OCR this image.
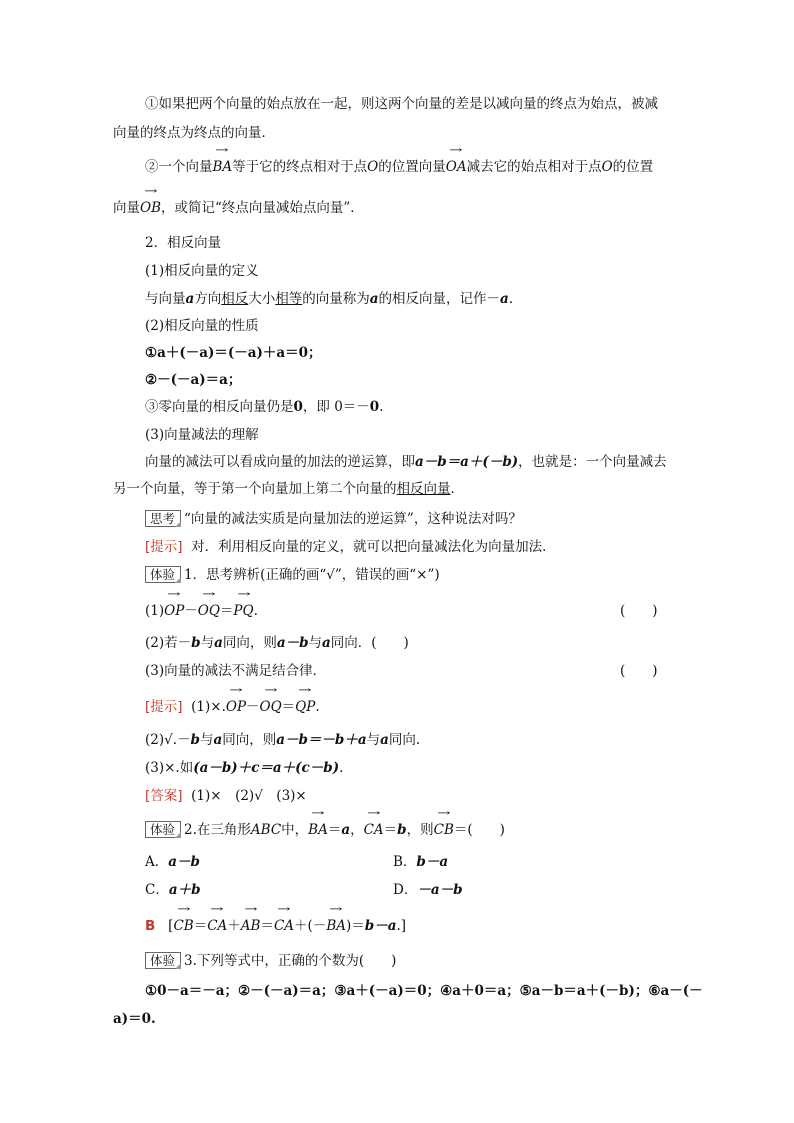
①如果把两个向量的始点放在一起，则这两个向量的差是以减向量的终点为始点，被减
向量的终点为终点的向量．
②一个向量→ BA等于它的终点相对于点O的位置向量→ OA减去它的始点相对于点O的位置
向量→ OB，或简记“终点向量减始点向量”．
2．相反向量
(1)相反向量的定义
与向量a方向相反大小相等的向量称为a的相反向量，记作－a.
(2)相反向量的性质
①a＋(－a)＝(－a)＋a＝0；
②－(－a)＝a；
③零向量的相反向量仍是0，即 0＝－0.
(3)向量减法的理解
向量的减法可以看成向量的加法的逆运算，即a－b＝a＋(－b)，也就是：一个向量减去
另一个向量，等于第一个向量加上第二个向量的相反向量．
思考 “向量的减法实质是向量加法的逆运算”，这种说法对吗？
[提示] 对．利用相反向量的定义，就可以把向量减法化为向量加法．
体验 1．思考辨析(正确的画“√”，错误的画“×”)
(1)→ OP－→ OQ＝→ PQ.	(　　)
(2)若－b与a同向，则a－b与a同向．(　　)
(3)向量的减法不满足结合律．	(　　)
[提示] (1)×.→ OP－→ OQ＝→ QP.
(2)√.－b与a同向，则a－b＝－b＋a与a同向.
(3)×.如(a－b)＋c＝a＋(c－b).
[答案] (1)×　(2)√　(3)×
体验 2.在三角形ABC中，→ BA＝a，→ CA＝b，则→ CB＝(　　)
A．a－b	B．b－a
C．a＋b	D．－a－b
B [→ CB＝→ CA＋→ AB＝→ CA＋(－→ BA)＝b－a.]
体验 3.下列等式中，正确的个数为(　　)
①0－a＝－a；②－(－a)＝a；③a＋(－a)＝0；④a＋0＝a；⑤a－b＝a＋(－b)；⑥a－(－
a)＝0.
